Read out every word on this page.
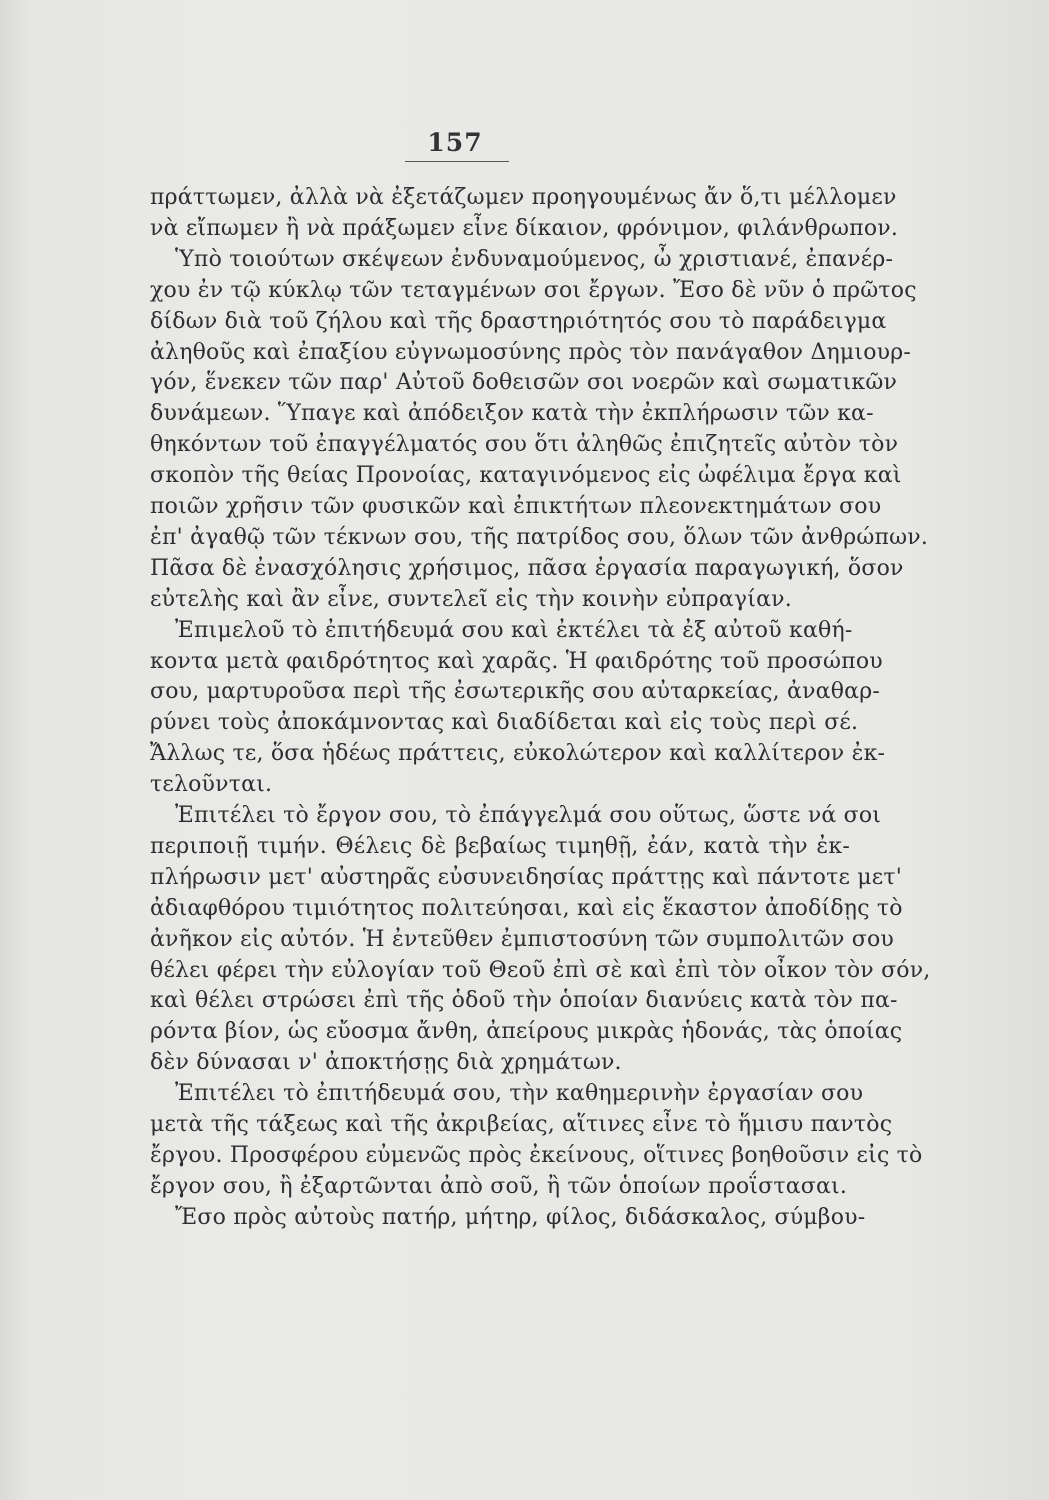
157
πράττωμεν, ἀλλὰ νὰ ἐξετάζωμεν προηγουμένως ἄν ὅ,τι μέλλομεν
νὰ εἴπωμεν ἢ νὰ πράξωμεν εἶνε δίκαιον, φρόνιμον, φιλάνθρωπον.
Ὑπὸ τοιούτων σκέψεων ἐνδυναμούμενος, ὦ χριστιανέ, ἐπανέρ-
χου ἐν τῷ κύκλῳ τῶν τεταγμένων σοι ἔργων. Ἔσο δὲ νῦν ὁ πρῶτος
δίδων διὰ τοῦ ζήλου καὶ τῆς δραστηριότητός σου τὸ παράδειγμα
ἀληθοῦς καὶ ἐπαξίου εὐγνωμοσύνης πρὸς τὸν πανάγαθον Δημιουρ-
γόν, ἕνεκεν τῶν παρ' Αὐτοῦ δοθεισῶν σοι νοερῶν καὶ σωματικῶν
δυνάμεων. Ὕπαγε καὶ ἀπόδειξον κατὰ τὴν ἐκπλήρωσιν τῶν κα-
θηκόντων τοῦ ἐπαγγέλματός σου ὅτι ἀληθῶς ἐπιζητεῖς αὐτὸν τὸν
σκοπὸν τῆς θείας Προνοίας, καταγινόμενος εἰς ὠφέλιμα ἔργα καὶ
ποιῶν χρῆσιν τῶν φυσικῶν καὶ ἐπικτήτων πλεονεκτημάτων σου
ἐπ' ἀγαθῷ τῶν τέκνων σου, τῆς πατρίδος σου, ὅλων τῶν ἀνθρώπων.
Πᾶσα δὲ ἐνασχόλησις χρήσιμος, πᾶσα ἐργασία παραγωγική, ὅσον
εὐτελὴς καὶ ἂν εἶνε, συντελεῖ εἰς τὴν κοινὴν εὐπραγίαν.
Ἐπιμελοῦ τὸ ἐπιτήδευμά σου καὶ ἐκτέλει τὰ ἐξ αὐτοῦ καθή-
κοντα μετὰ φαιδρότητος καὶ χαρᾶς. Ἡ φαιδρότης τοῦ προσώπου
σου, μαρτυροῦσα περὶ τῆς ἐσωτερικῆς σου αὐταρκείας, ἀναθαρ-
ρύνει τοὺς ἀποκάμνοντας καὶ διαδίδεται καὶ εἰς τοὺς περὶ σέ.
Ἄλλως τε, ὅσα ἡδέως πράττεις, εὐκολώτερον καὶ καλλίτερον ἐκ-
τελοῦνται.
Ἐπιτέλει τὸ ἔργον σου, τὸ ἐπάγγελμά σου οὕτως, ὥστε νά σοι
περιποιῇ τιμήν. Θέλεις δὲ βεβαίως τιμηθῇ, ἐάν, κατὰ τὴν ἐκ-
πλήρωσιν μετ' αὐστηρᾶς εὐσυνειδησίας πράττῃς καὶ πάντοτε μετ'
ἀδιαφθόρου τιμιότητος πολιτεύησαι, καὶ εἰς ἕκαστον ἀποδίδῃς τὸ
ἀνῆκον εἰς αὐτόν. Ἡ ἐντεῦθεν ἐμπιστοσύνη τῶν συμπολιτῶν σου
θέλει φέρει τὴν εὐλογίαν τοῦ Θεοῦ ἐπὶ σὲ καὶ ἐπὶ τὸν οἶκον τὸν σόν,
καὶ θέλει στρώσει ἐπὶ τῆς ὁδοῦ τὴν ὁποίαν διανύεις κατὰ τὸν πα-
ρόντα βίον, ὡς εὔοσμα ἄνθη, ἀπείρους μικρὰς ἡδονάς, τὰς ὁποίας
δὲν δύνασαι ν' ἀποκτήσῃς διὰ χρημάτων.
Ἐπιτέλει τὸ ἐπιτήδευμά σου, τὴν καθημερινὴν ἐργασίαν σου
μετὰ τῆς τάξεως καὶ τῆς ἀκριβείας, αἵτινες εἶνε τὸ ἥμισυ παντὸς
ἔργου. Προσφέρου εὐμενῶς πρὸς ἐκείνους, οἵτινες βοηθοῦσιν εἰς τὸ
ἔργον σου, ἢ ἐξαρτῶνται ἀπὸ σοῦ, ἢ τῶν ὁποίων προΐστασαι.
Ἔσο πρὸς αὐτοὺς πατήρ, μήτηρ, φίλος, διδάσκαλος, σύμβου-
